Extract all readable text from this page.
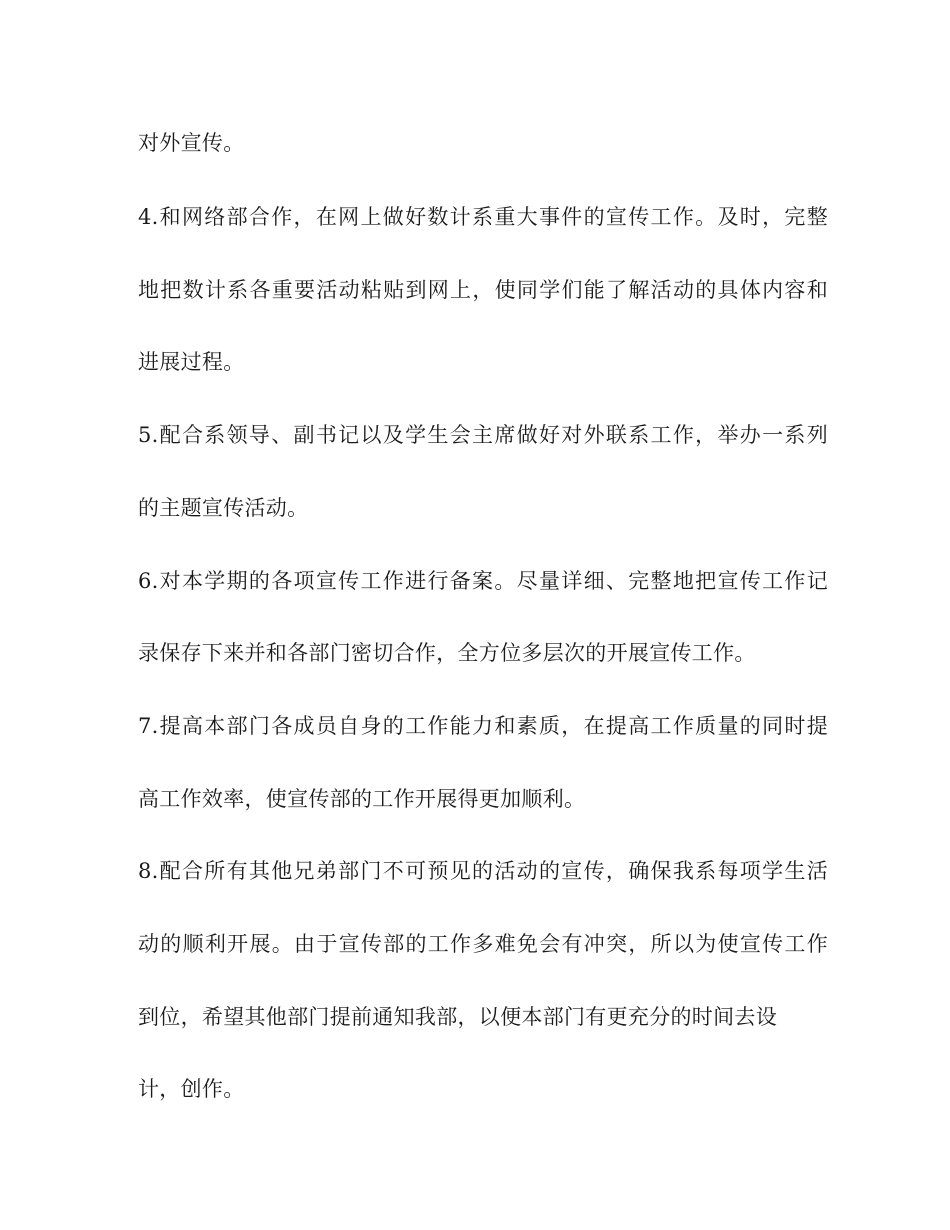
对外宣传。

4.和网络部合作，在网上做好数计系重大事件的宣传工作。及时，完整

地把数计系各重要活动粘贴到网上，使同学们能了解活动的具体内容和

进展过程。

5.配合系领导、副书记以及学生会主席做好对外联系工作，举办一系列

的主题宣传活动。

6.对本学期的各项宣传工作进行备案。尽量详细、完整地把宣传工作记

录保存下来并和各部门密切合作，全方位多层次的开展宣传工作。

7.提高本部门各成员自身的工作能力和素质，在提高工作质量的同时提

高工作效率，使宣传部的工作开展得更加顺利。

8.配合所有其他兄弟部门不可预见的活动的宣传，确保我系每项学生活

动的顺利开展。由于宣传部的工作多难免会有冲突，所以为使宣传工作

到位，希望其他部门提前通知我部，以便本部门有更充分的时间去设

计，创作。
